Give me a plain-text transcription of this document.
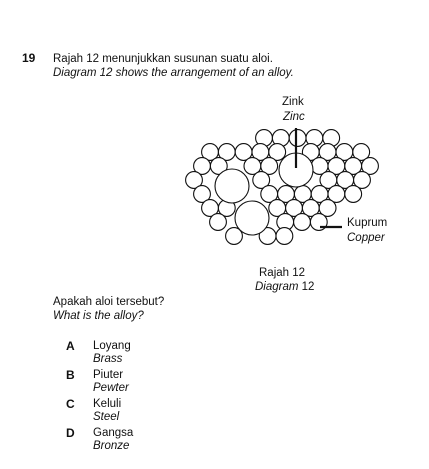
19 Rajah 12 menunjukkan susunan suatu aloi.
Diagram 12 shows the arrangement of an alloy.
Zink
Zinc
Kuprum
Copper
Rajah 12
Diagram 12
Apakah aloi tersebut?
What is the alloy?
A Loyang
Brass
B Piuter
Pewter
C Keluli
Steel
D Gangsa
Bronze
